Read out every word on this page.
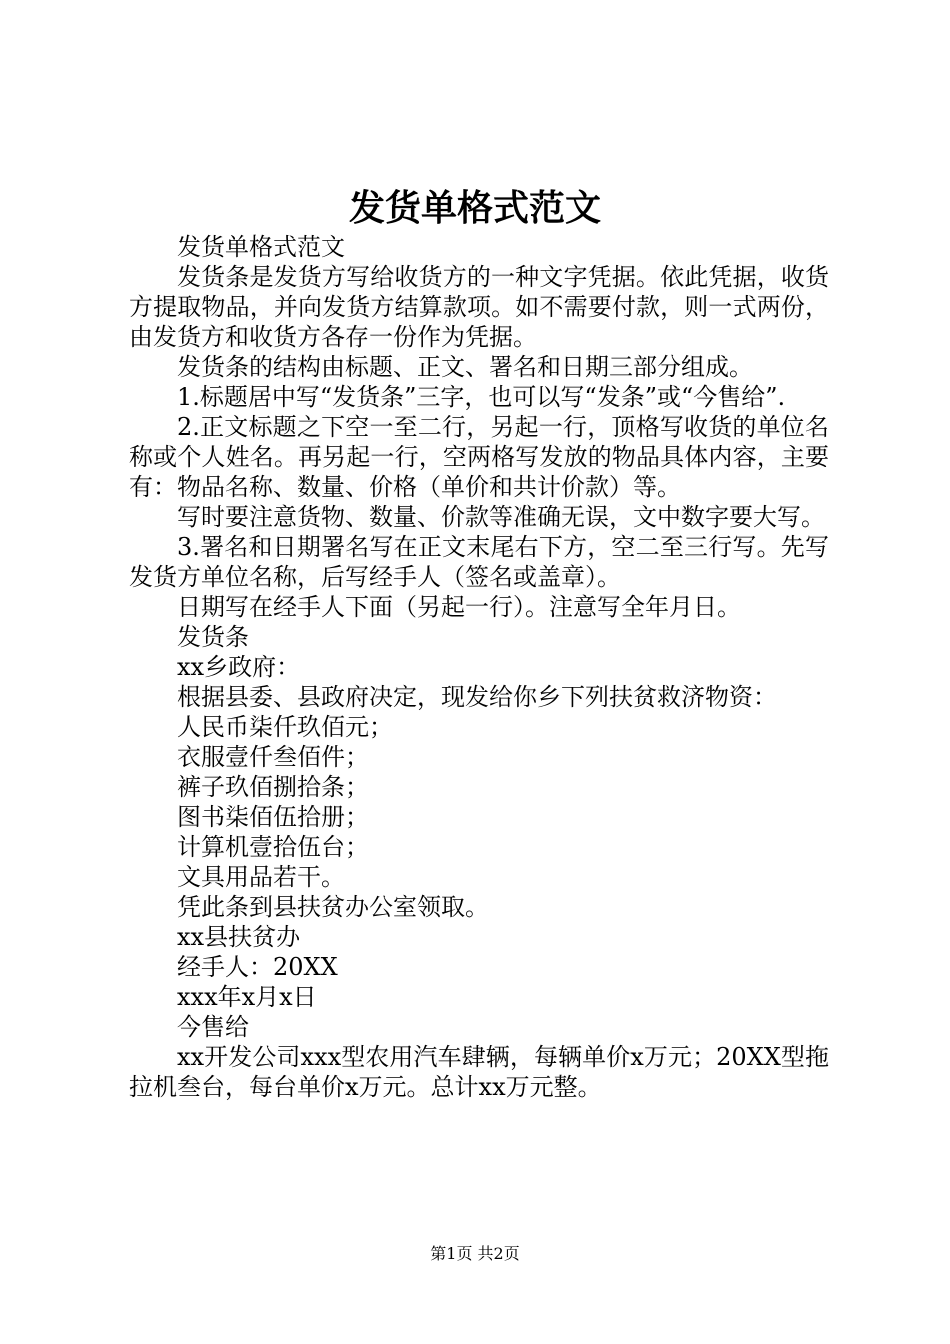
发货单格式范文

发货单格式范文

发货条是发货方写给收货方的一种文字凭据。依此凭据，收货方提取物品，并向发货方结算款项。如不需要付款，则一式两份，由发货方和收货方各存一份作为凭据。

发货条的结构由标题、正文、署名和日期三部分组成。

1.标题居中写“发货条”三字，也可以写“发条”或“今售给”.

2.正文标题之下空一至二行，另起一行，顶格写收货的单位名称或个人姓名。再另起一行，空两格写发放的物品具体内容，主要有：物品名称、数量、价格（单价和共计价款）等。

写时要注意货物、数量、价款等准确无误，文中数字要大写。

3.署名和日期署名写在正文末尾右下方，空二至三行写。先写发货方单位名称，后写经手人（签名或盖章）。

日期写在经手人下面（另起一行）。注意写全年月日。

发货条

xx乡政府：

根据县委、县政府决定，现发给你乡下列扶贫救济物资：

人民币柒仟玖佰元；

衣服壹仟叁佰件；

裤子玖佰捌拾条；

图书柒佰伍拾册；

计算机壹拾伍台；

文具用品若干。

凭此条到县扶贫办公室领取。

xx县扶贫办

经手人：20XX

xxx年x月x日

今售给

xx开发公司xxx型农用汽车肆辆，每辆单价x万元；20XX型拖拉机叁台，每台单价x万元。总计xx万元整。

第1页 共2页
